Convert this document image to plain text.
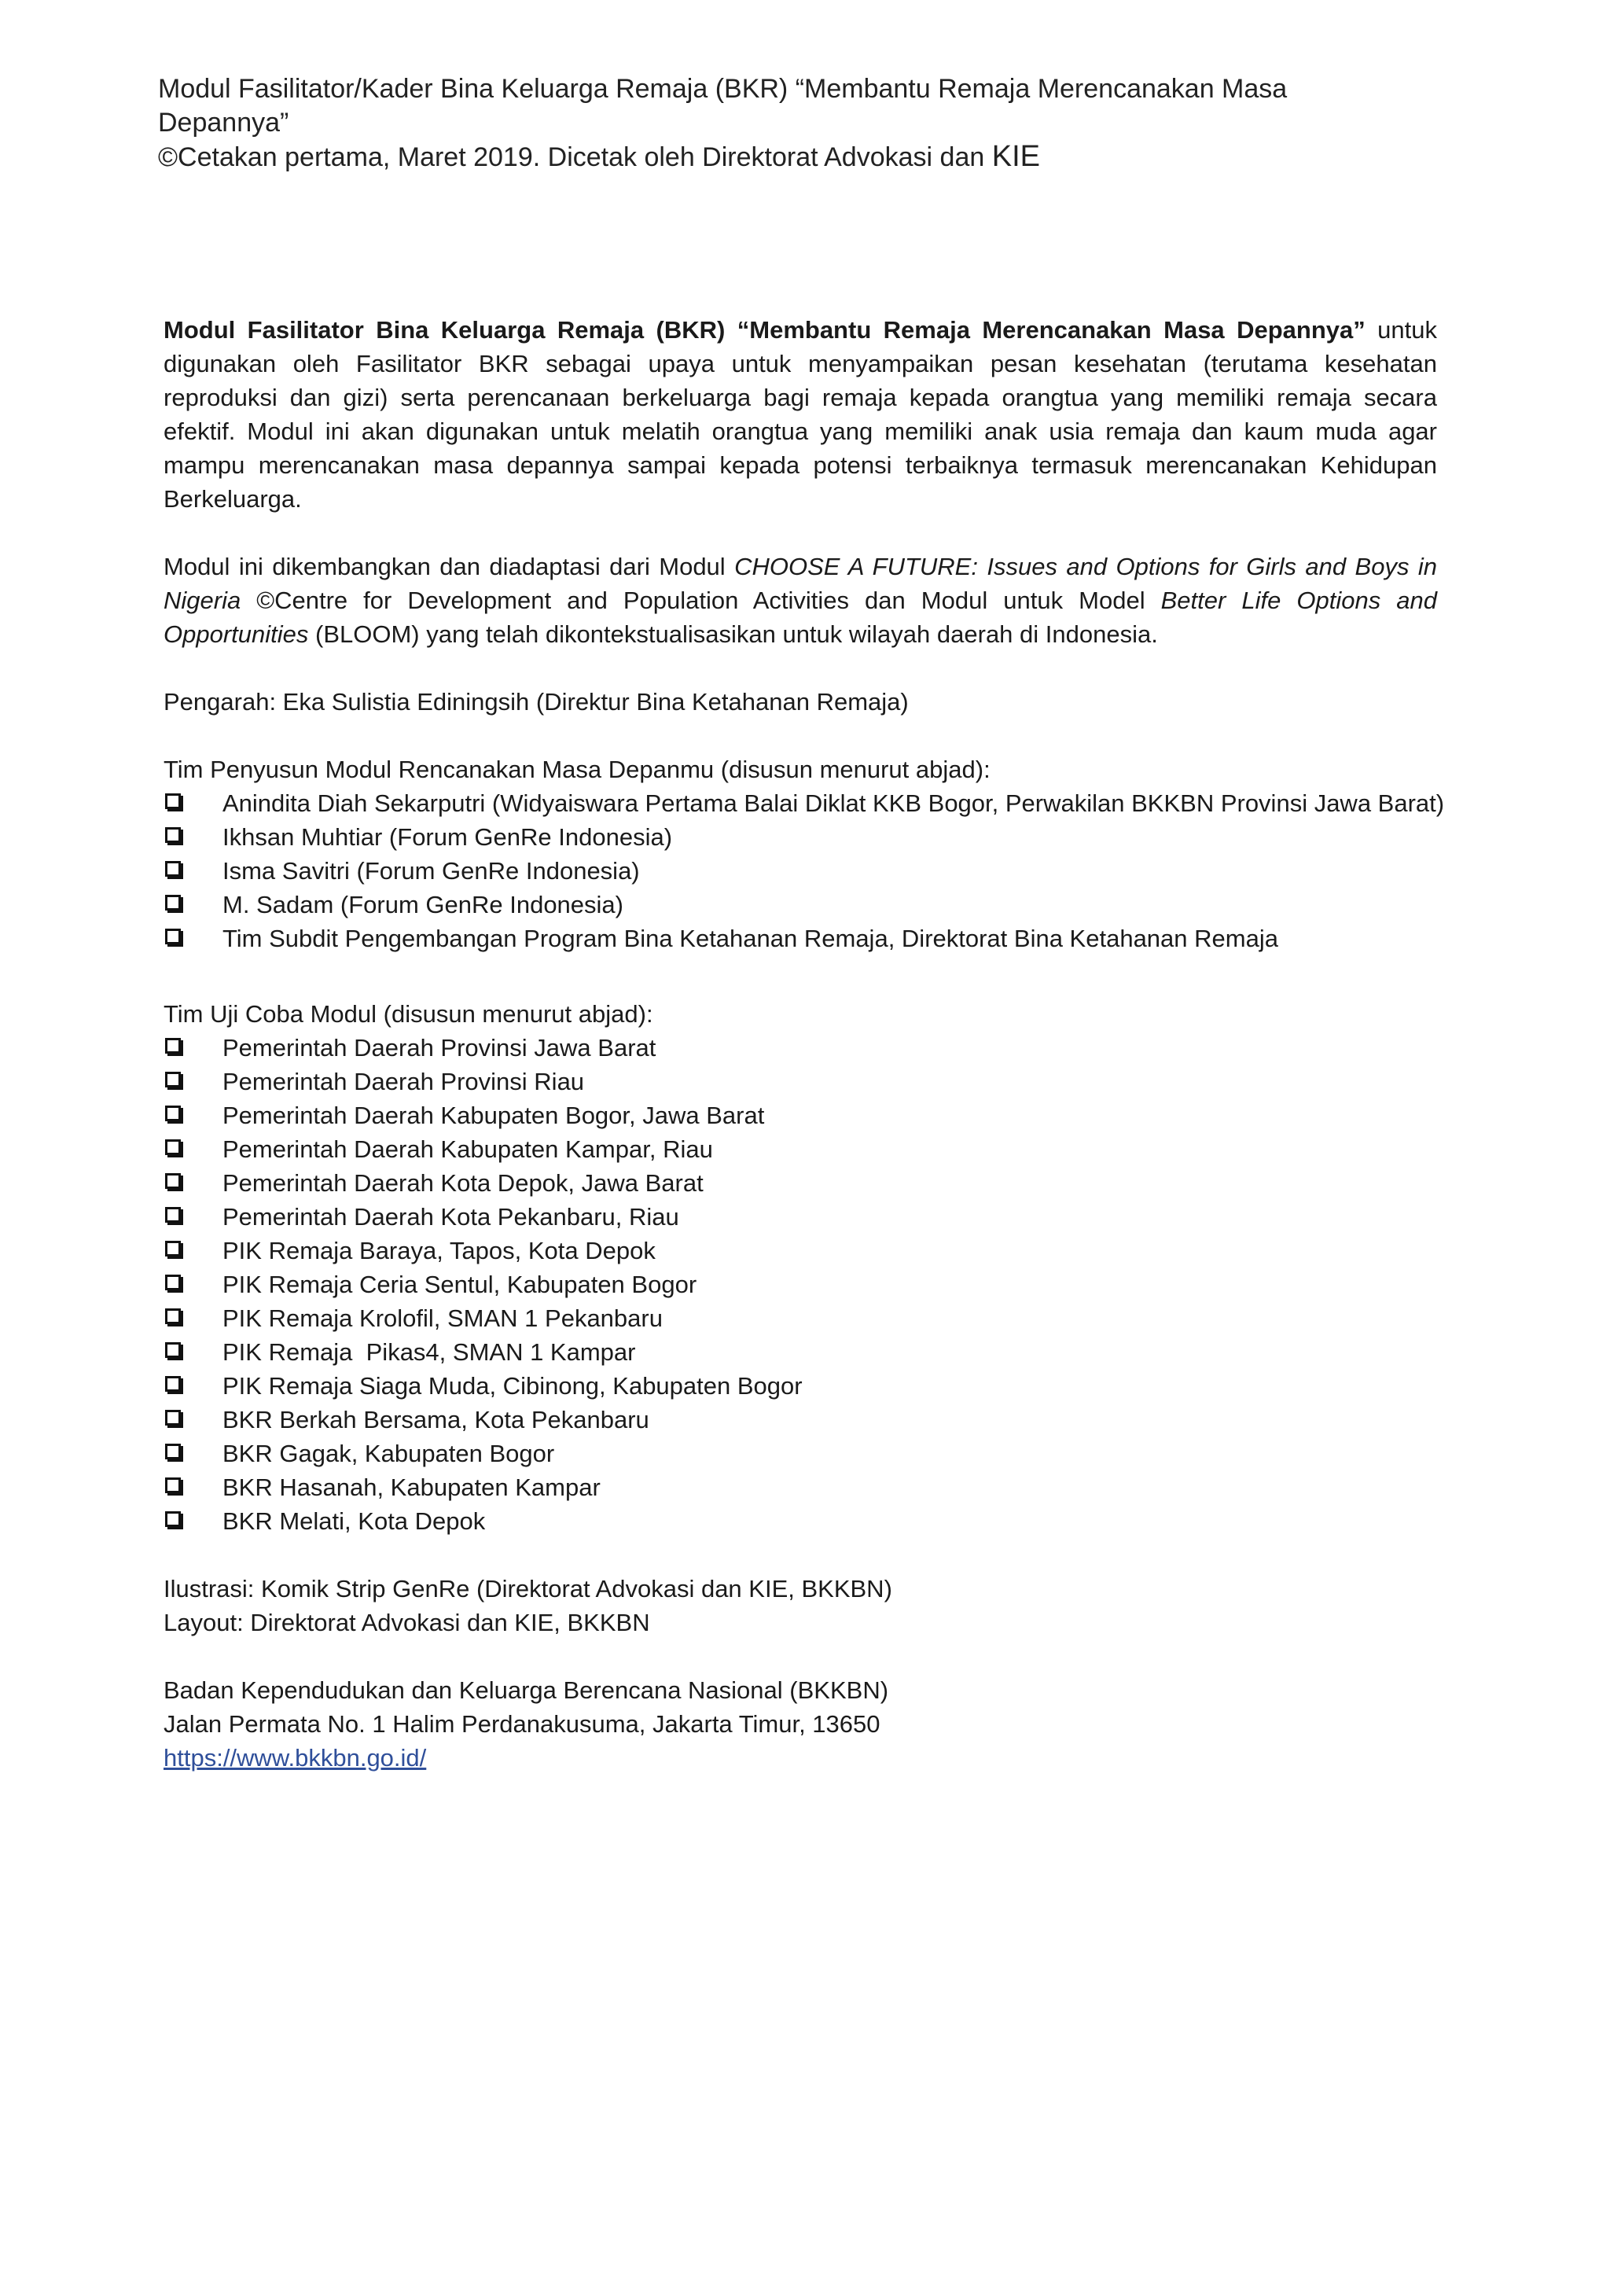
Modul Fasilitator/Kader Bina Keluarga Remaja (BKR) “Membantu Remaja Merencanakan Masa
Depannya”
©Cetakan pertama, Maret 2019. Dicetak oleh Direktorat Advokasi dan KIE

Modul Fasilitator Bina Keluarga Remaja (BKR) “Membantu Remaja Merencanakan Masa Depannya” untuk digunakan oleh Fasilitator BKR sebagai upaya untuk menyampaikan pesan kesehatan (terutama kesehatan reproduksi dan gizi) serta perencanaan berkeluarga bagi remaja kepada orangtua yang memiliki remaja secara efektif. Modul ini akan digunakan untuk melatih orangtua yang memiliki anak usia remaja dan kaum muda agar mampu merencanakan masa depannya sampai kepada potensi terbaiknya termasuk merencanakan Kehidupan Berkeluarga.

Modul ini dikembangkan dan diadaptasi dari Modul CHOOSE A FUTURE: Issues and Options for Girls and Boys in Nigeria ©Centre for Development and Population Activities dan Modul untuk Model Better Life Options and Opportunities (BLOOM) yang telah dikontekstualisasikan untuk wilayah daerah di Indonesia.

Pengarah: Eka Sulistia Ediningsih (Direktur Bina Ketahanan Remaja)

Tim Penyusun Modul Rencanakan Masa Depanmu (disusun menurut abjad):

Anindita Diah Sekarputri (Widyaiswara Pertama Balai Diklat KKB Bogor, Perwakilan BKKBN Provinsi Jawa Barat)
Ikhsan Muhtiar (Forum GenRe Indonesia)
Isma Savitri (Forum GenRe Indonesia)
M. Sadam (Forum GenRe Indonesia)
Tim Subdit Pengembangan Program Bina Ketahanan Remaja, Direktorat Bina Ketahanan Remaja

Tim Uji Coba Modul (disusun menurut abjad):

Pemerintah Daerah Provinsi Jawa Barat
Pemerintah Daerah Provinsi Riau
Pemerintah Daerah Kabupaten Bogor, Jawa Barat
Pemerintah Daerah Kabupaten Kampar, Riau
Pemerintah Daerah Kota Depok, Jawa Barat
Pemerintah Daerah Kota Pekanbaru, Riau
PIK Remaja Baraya, Tapos, Kota Depok
PIK Remaja Ceria Sentul, Kabupaten Bogor
PIK Remaja Krolofil, SMAN 1 Pekanbaru
PIK Remaja  Pikas4, SMAN 1 Kampar
PIK Remaja Siaga Muda, Cibinong, Kabupaten Bogor
BKR Berkah Bersama, Kota Pekanbaru
BKR Gagak, Kabupaten Bogor
BKR Hasanah, Kabupaten Kampar
BKR Melati, Kota Depok

Ilustrasi: Komik Strip GenRe (Direktorat Advokasi dan KIE, BKKBN)

Layout: Direktorat Advokasi dan KIE, BKKBN

Badan Kependudukan dan Keluarga Berencana Nasional (BKKBN)

Jalan Permata No. 1 Halim Perdanakusuma, Jakarta Timur, 13650

https://www.bkkbn.go.id/
